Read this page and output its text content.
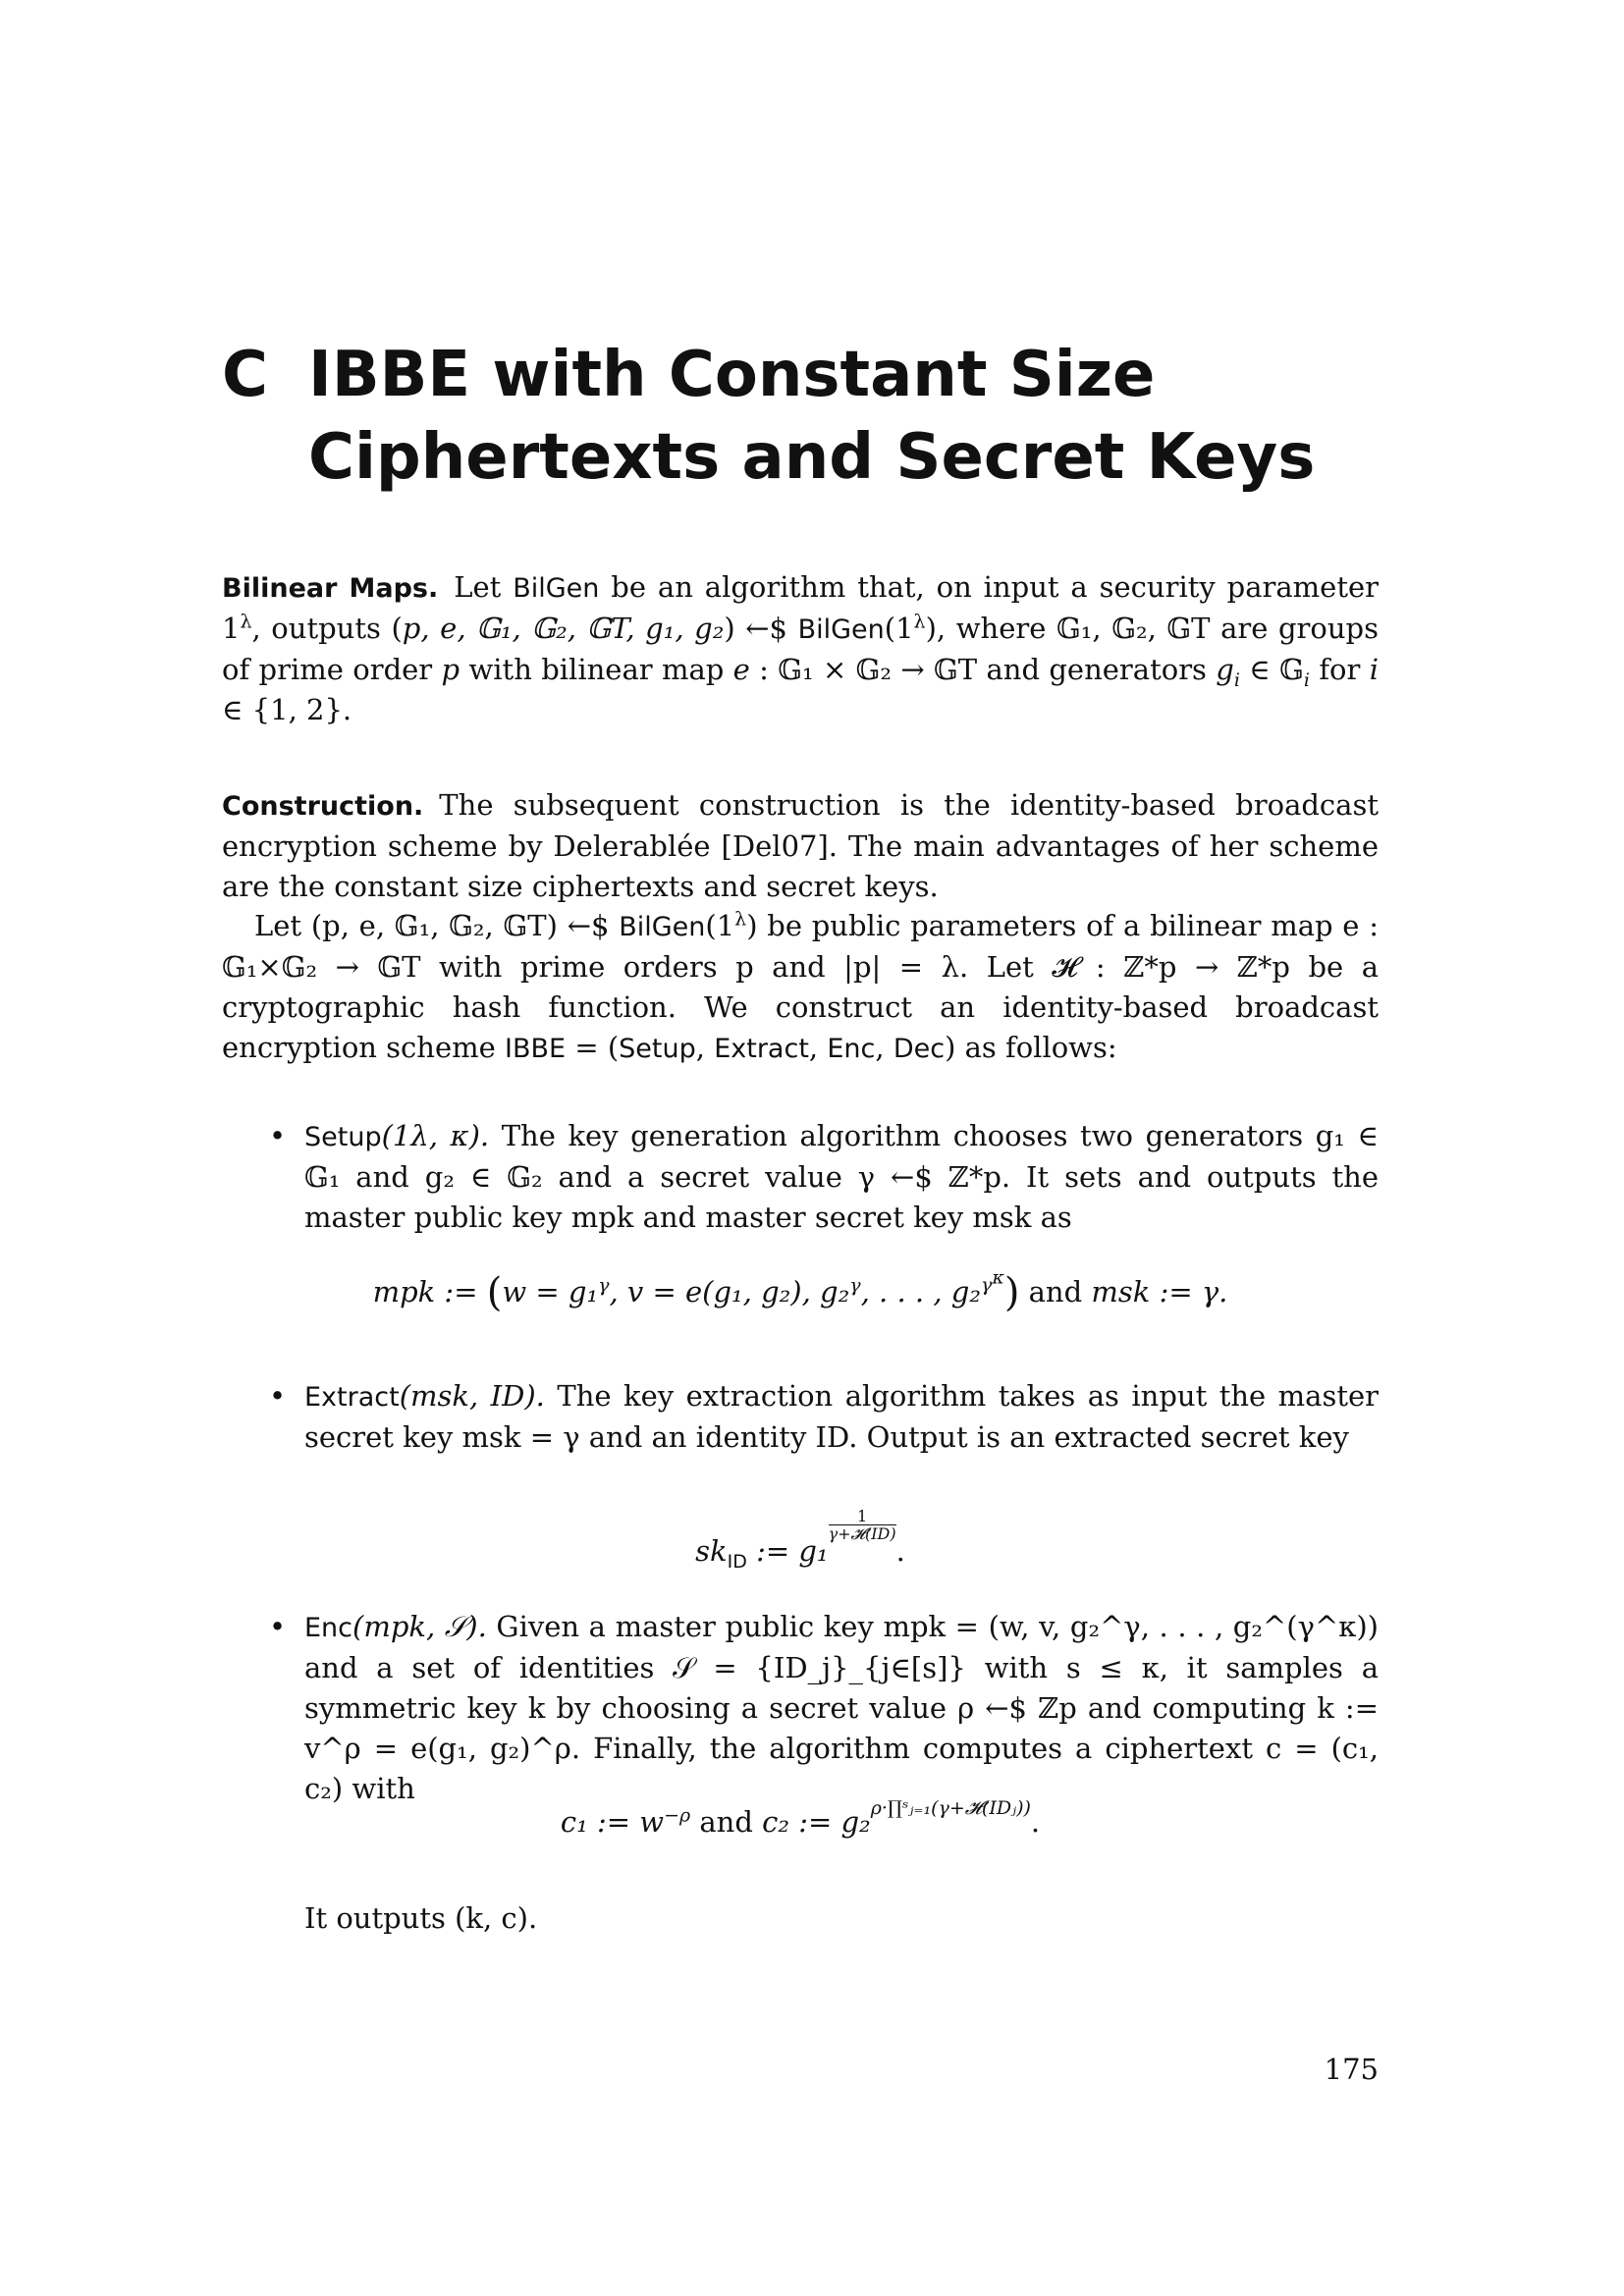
C IBBE with Constant Size
Ciphertexts and Secret Keys
Bilinear Maps. Let BilGen be an algorithm that, on input a security parameter $1^\lambda$, outputs (p, e, 𝔾₁, 𝔾₂, 𝔾T, g₁, g₂) ←$ $BilGen(1^\lambda)$, where 𝔾₁, 𝔾₂, 𝔾T are groups of prime order p with bilinear map e : 𝔾₁ × 𝔾₂ → 𝔾T and generators $g_i$ ∈ 𝔾$_i$ for i ∈ {1, 2}.
Construction. The subsequent construction is the identity-based broadcast encryption scheme by Delerablée [Del07]. The main advantages of her scheme are the constant size ciphertexts and secret keys.
Let (p, e, 𝔾₁, 𝔾₂, 𝔾T) ←$ $BilGen(1^\lambda)$ be public parameters of a bilinear map e : 𝔾₁×𝔾₂ → 𝔾T with prime orders p and |p| = λ. Let 𝓗 : ℤ*p → ℤ*p be a cryptographic hash function. We construct an identity-based broadcast encryption scheme IBBE = (Setup, Extract, Enc, Dec) as follows:
• Setup(1λ, κ). The key generation algorithm chooses two generators g₁ ∈ 𝔾₁ and g₂ ∈ 𝔾₂ and a secret value γ ←$ ℤ*p. It sets and outputs the master public key mpk and master secret key msk as
mpk := (w = g₁$^\gamma$, v = e(g₁, g₂), g₂$^\gamma$, . . . , g₂$^{\gamma^\kappa}$) and msk := γ.
• Extract(msk, ID). The key extraction algorithm takes as input the master secret key msk = γ and an identity ID. Output is an extracted secret key
$sk_{ID}$ := g₁
$\frac{1}{\text{γ+𝓗(ID)}}$
.
• Enc(mpk, 𝒮). Given a master public key mpk = (w, v, g₂^γ, . . . , g₂^(γ^κ)) and a set of identities 𝒮 = {ID_j}_{j∈[s]} with s ≤ κ, it samples a symmetric key k by choosing a secret value ρ ←$ ℤp and computing k := v^ρ = e(g₁, g₂)^ρ. Finally, the algorithm computes a ciphertext c = (c₁, c₂) with
c₁ := $w^{-\rho}$ and c₂ := g₂$^{\rho\cdot\prod ˢⱼ_{=1}(\gamma+𝓗(IDⱼ))}$.
It outputs (k, c).
175
